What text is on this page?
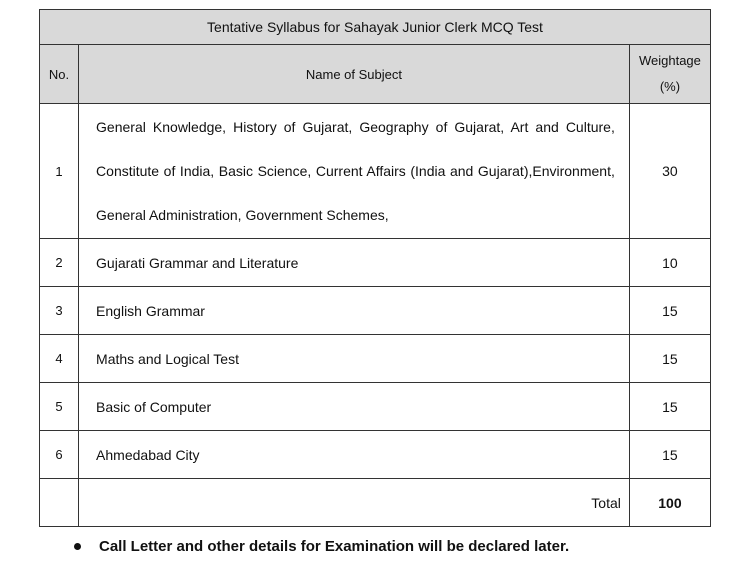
Tentative Syllabus for Sahayak Junior Clerk MCQ Test		
No.	Name of Subject	Weightage
(%)
1	General Knowledge, History of Gujarat, Geography of Gujarat, Art and Culture, Constitute of India, Basic Science, Current Affairs (India and Gujarat),Environment, General Administration, Government Schemes,	30
2	Gujarati Grammar and Literature	10
3	English Grammar	15
4	Maths and Logical Test	15
5	Basic of Computer	15
6	Ahmedabad City	15
	Total	100
Call Letter and other details for Examination will be declared later.
